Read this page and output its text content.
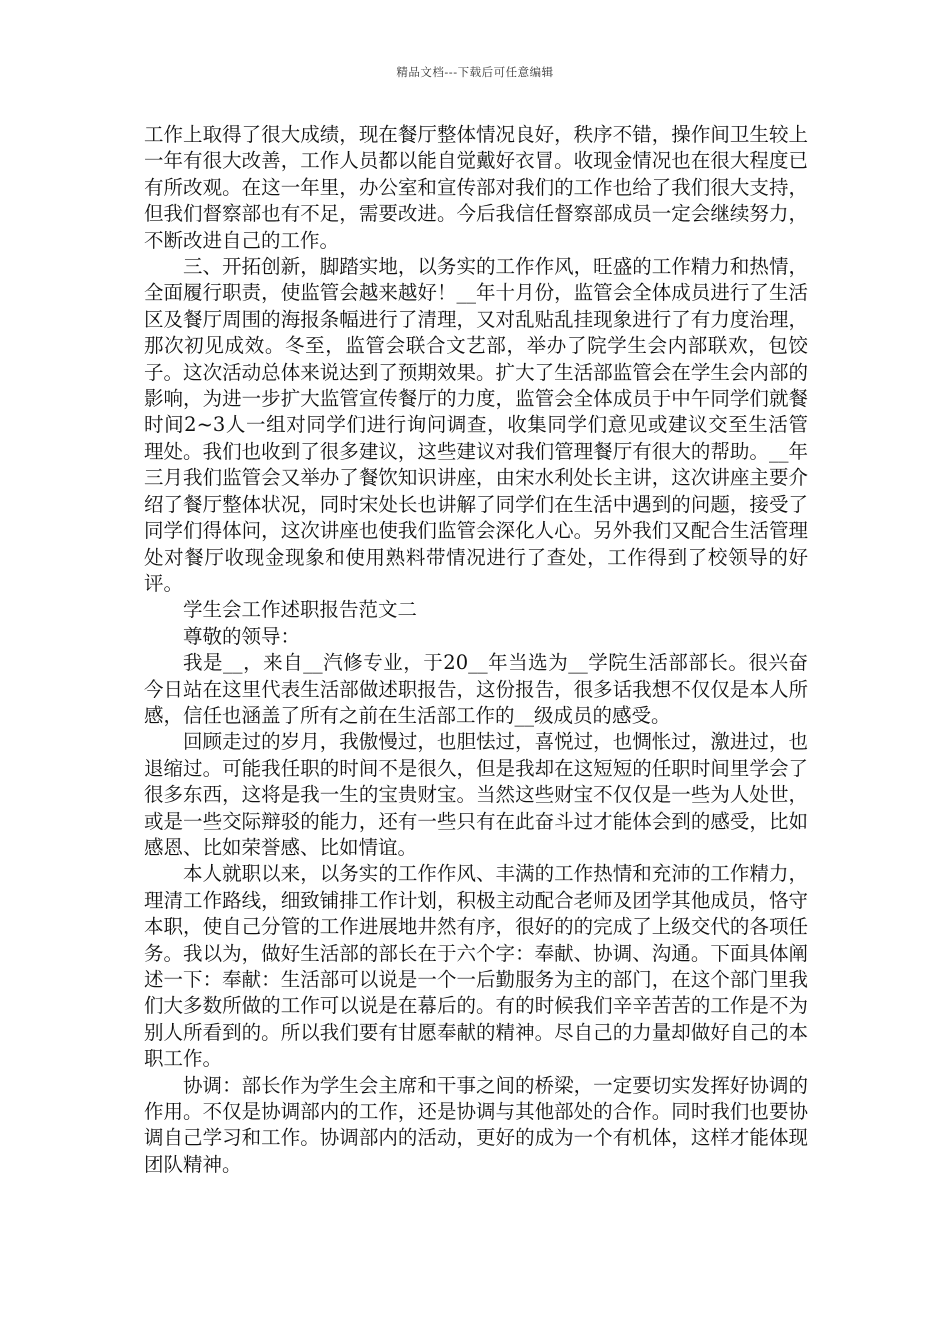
精品文档---下载后可任意编辑

工作上取得了很大成绩，现在餐厅整体情况良好，秩序不错，操作间卫生较上一年有很大改善，工作人员都以能自觉戴好衣冒。收现金情况也在很大程度已有所改观。在这一年里，办公室和宣传部对我们的工作也给了我们很大支持，但我们督察部也有不足，需要改进。今后我信任督察部成员一定会继续努力，不断改进自己的工作。

三、开拓创新，脚踏实地，以务实的工作作风，旺盛的工作精力和热情，全面履行职责，使监管会越来越好！__年十月份，监管会全体成员进行了生活区及餐厅周围的海报条幅进行了清理，又对乱贴乱挂现象进行了有力度治理，那次初见成效。冬至，监管会联合文艺部，举办了院学生会内部联欢，包饺子。这次活动总体来说达到了预期效果。扩大了生活部监管会在学生会内部的影响，为进一步扩大监管宣传餐厅的力度，监管会全体成员于中午同学们就餐时间2~3人一组对同学们进行询问调查，收集同学们意见或建议交至生活管理处。我们也收到了很多建议，这些建议对我们管理餐厅有很大的帮助。__年三月我们监管会又举办了餐饮知识讲座，由宋水利处长主讲，这次讲座主要介绍了餐厅整体状况，同时宋处长也讲解了同学们在生活中遇到的问题，接受了同学们得体问，这次讲座也使我们监管会深化人心。另外我们又配合生活管理处对餐厅收现金现象和使用熟料带情况进行了查处，工作得到了校领导的好评。

学生会工作述职报告范文二

尊敬的领导：

我是__，来自__汽修专业，于20__年当选为__学院生活部部长。很兴奋今日站在这里代表生活部做述职报告，这份报告，很多话我想不仅仅是本人所感，信任也涵盖了所有之前在生活部工作的__级成员的感受。

回顾走过的岁月，我傲慢过，也胆怯过，喜悦过，也惆怅过，激进过，也退缩过。可能我任职的时间不是很久，但是我却在这短短的任职时间里学会了很多东西，这将是我一生的宝贵财宝。当然这些财宝不仅仅是一些为人处世，或是一些交际辩驳的能力，还有一些只有在此奋斗过才能体会到的感受，比如感恩、比如荣誉感、比如情谊。

本人就职以来，以务实的工作作风、丰满的工作热情和充沛的工作精力，理清工作路线，细致铺排工作计划，积极主动配合老师及团学其他成员，恪守本职，使自己分管的工作进展地井然有序，很好的的完成了上级交代的各项任务。我以为，做好生活部的部长在于六个字：奉献、协调、沟通。下面具体阐述一下：奉献：生活部可以说是一个一后勤服务为主的部门，在这个部门里我们大多数所做的工作可以说是在幕后的。有的时候我们辛辛苦苦的工作是不为别人所看到的。所以我们要有甘愿奉献的精神。尽自己的力量却做好自己的本职工作。

协调：部长作为学生会主席和干事之间的桥梁，一定要切实发挥好协调的作用。不仅是协调部内的工作，还是协调与其他部处的合作。同时我们也要协调自己学习和工作。协调部内的活动，更好的成为一个有机体，这样才能体现团队精神。
